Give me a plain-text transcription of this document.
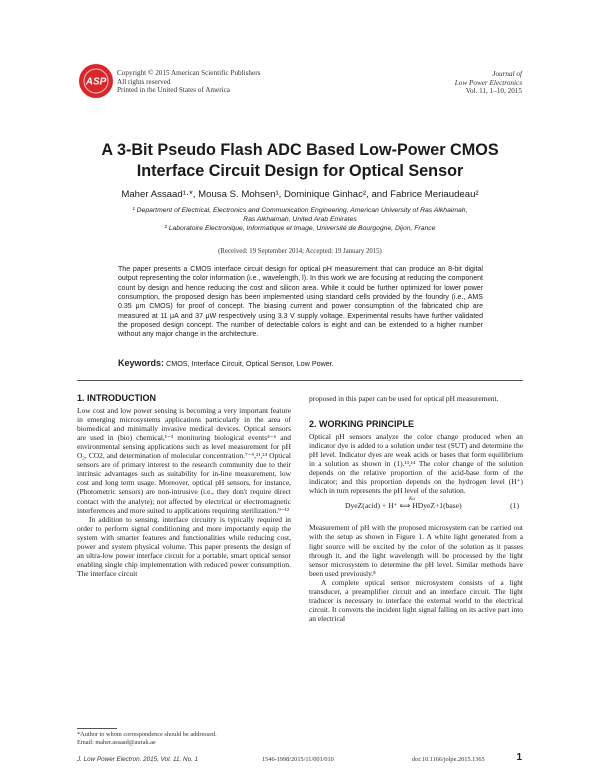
ASP
Copyright © 2015 American Scientific Publishers
All rights reserved
Printed in the United States of America
Journal of
Low Power Electronics
Vol. 11, 1–10, 2015
A 3-Bit Pseudo Flash ADC Based Low-Power CMOS
Interface Circuit Design for Optical Sensor
Maher Assaad¹·*, Mousa S. Mohsen¹, Dominique Ginhac², and Fabrice Meriaudeau²
¹ Department of Electrical, Electronics and Communication Engineering, American University of Ras Alkhaimah,
Ras Alkhaimah, United Arab Emirates
² Laboratoire Electronique, Informatique et Image, Université de Bourgogne, Dijon, France
(Received: 19 September 2014; Accepted: 19 January 2015)
The paper presents a CMOS interface circuit design for optical pH measurement that can produce an 8-bit digital output representing the color information (i.e., wavelength, l). In this work we are focusing at reducing the component count by design and hence reducing the cost and silicon area. While it could be further optimized for lower power consumption, the proposed design has been implemented using standard cells provided by the foundry (i.e., AMS 0.35 μm CMOS) for proof of concept. The biasing current and power consumption of the fabricated chip are measured at 11 μA and 37 μW respectively using 3.3 V supply voltage. Experimental results have further validated the proposed design concept. The number of detectable colors is eight and can be extended to a higher number without any major change in the architecture.
Keywords: CMOS, Interface Circuit, Optical Sensor, Low Power.
1. INTRODUCTION

Low cost and low power sensing is becoming a very important feature in emerging microsystems applications particularly in the area of biomedical and minimally invasive medical devices. Optical sensors are used in (bio) chemical,¹⁻³ monitoring biological events⁴⁻⁶ and environmental sensing applications such as level measurement for pH O₂, CO2, and determination of molecular concentration.⁷⁻⁹,²¹,²⁴ Optical sensors are of primary interest to the research community due to their intrinsic advantages such as suitability for in-line measurement, low cost and long term usage. Moreover, optical pH sensors, for instance, (Photometric sensors) are non-intrusive (i.e., they don't require direct contact with the analyte); not affected by electrical or electromagnetic interferences and more suited to applications requiring sterilization.⁹⁻¹²

In addition to sensing, interface circuitry is typically required in order to perform signal conditioning and more importantly equip the system with smarter features and functionalities while reducing cost, power and system physical volume. This paper presents the design of an ultra-low power interface circuit for a portable, smart optical sensor enabling single chip implementation with reduced power consumption. The interface circuit

proposed in this paper can be used for optical pH measurement.

2. WORKING PRINCIPLE

Optical pH sensors analyze the color change produced when an indicator dye is added to a solution under test (SUT) and determine the pH level. Indicator dyes are weak acids or bases that form equilibrium in a solution as shown in (1).¹³,¹⁴ The color change of the solution depends on the relative proportion of the acid-base form of the indicator; and this proportion depends on the hydrogen level (H⁺) which in turn represents the pH level of the solution.

DyeZ(acid) + H⁺ ⟺ HDyeZ+1(base)	(1)
Ka

Measurement of pH with the proposed microsystem can be carried out with the setup as shown in Figure 1. A white light generated from a light source will be excited by the color of the solution as it passes through it, and the light wavelength will be processed by the light sensor microsystem to determine the pH level. Similar methods have been used previously.⁸

A complete optical sensor microsystem consists of a light transducer, a preamplifier circuit and an interface circuit. The light traducer is necessary to interface the external world to the electrical circuit. It converts the incident light signal falling on its active part into an electrical

*Author to whom correspondence should be addressed.
Email: maher.assaad@aurak.ae
J. Low Power Electron. 2015, Vol. 11, No. 1	1546-1998/2015/11/001/010	doi:10.1166/jolpe.2015.1365	1
